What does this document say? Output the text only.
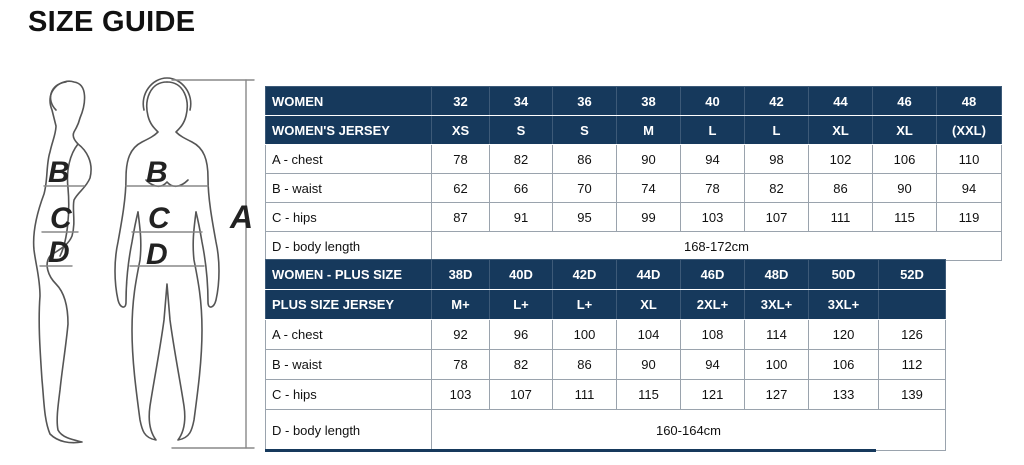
SIZE GUIDE
B
C
D
B
C
D
A
WOMEN	32	34	36	38	40	42	44	46	48
WOMEN'S JERSEY	XS	S	S	M	L	L	XL	XL	(XXL)
A - chest	78	82	86	90	94	98	102	106	110
B - waist	62	66	70	74	78	82	86	90	94
C - hips	87	91	95	99	103	107	111	115	119
D - body length	168-172cm								
WOMEN - PLUS SIZE	38D	40D	42D	44D	46D	48D	50D	52D
PLUS SIZE JERSEY	M+	L+	L+	XL	2XL+	3XL+	3XL+	
A - chest	92	96	100	104	108	114	120	126
B - waist	78	82	86	90	94	100	106	112
C - hips	103	107	111	115	121	127	133	139
D - body length	160-164cm							
